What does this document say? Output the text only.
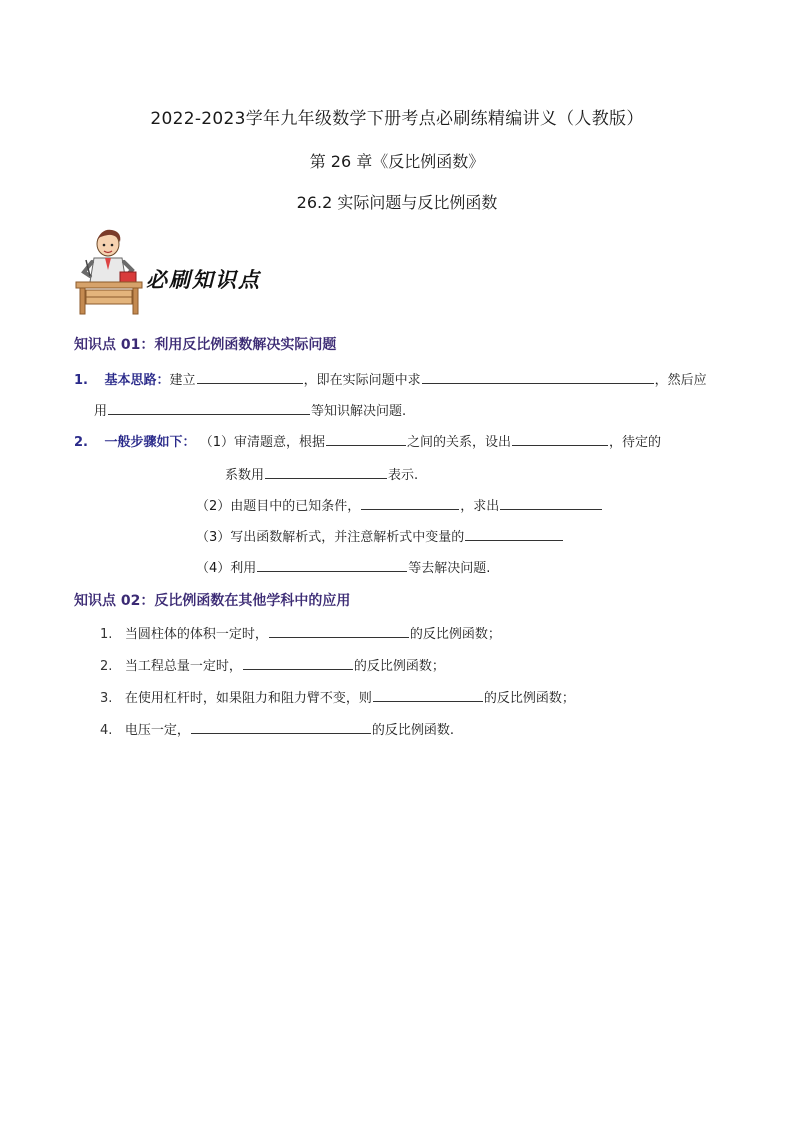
2022-2023学年九年级数学下册考点必刷练精编讲义（人教版）
第 26 章《反比例函数》
26.2 实际问题与反比例函数
必刷知识点
知识点 01：利用反比例函数解决实际问题
1. 基本思路：建立	，即在实际问题中求	，然后应
用	等知识解决问题.
2. 一般步骤如下： （1）审清题意，根据	之间的关系，设出	，待定的
系数用	表示.
（2）由题目中的已知条件，	，求出
（3）写出函数解析式，并注意解析式中变量的
（4）利用	等去解决问题.
知识点 02：反比例函数在其他学科中的应用
1. 当圆柱体的体积一定时，	的反比例函数；
2. 当工程总量一定时，	的反比例函数；
3. 在使用杠杆时，如果阻力和阻力臂不变，则	的反比例函数；
4. 电压一定，	的反比例函数.
